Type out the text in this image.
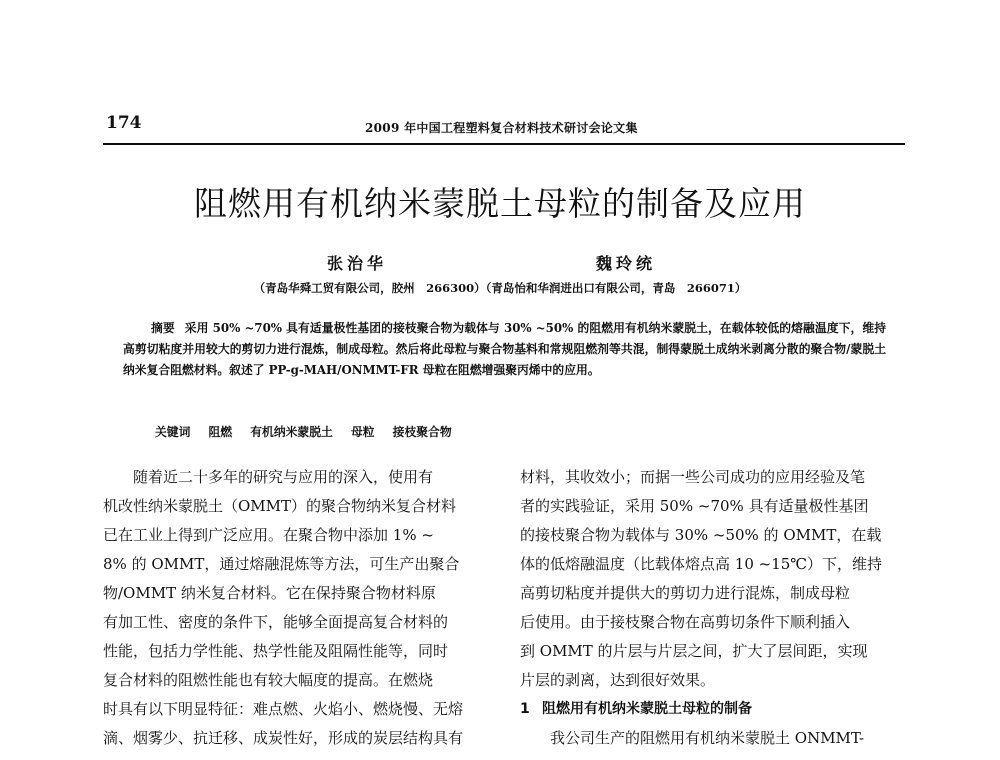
174	2009 年中国工程塑料复合材料技术研讨会论文集
阻燃用有机纳米蒙脱土母粒的制备及应用
张治华	魏玲统
（青岛华舜工贸有限公司，胶州　266300）（青岛怡和华润进出口有限公司，青岛　266071）
摘要 采用 50% ~70% 具有适量极性基团的接枝聚合物为载体与 30% ~50% 的阻燃用有机纳米蒙脱土，在载体较低的熔融温度下，维持高剪切粘度并用较大的剪切力进行混炼，制成母粒。然后将此母粒与聚合物基料和常规阻燃剂等共混，制得蒙脱土成纳米剥离分散的聚合物/蒙脱土纳米复合阻燃材料。叙述了 PP-g-MAH/ONMMT-FR 母粒在阻燃增强聚丙烯中的应用。
关键词 阻燃 有机纳米蒙脱土 母粒 接枝聚合物
随着近二十多年的研究与应用的深入，使用有
机改性纳米蒙脱土（OMMT）的聚合物纳米复合材料
已在工业上得到广泛应用。在聚合物中添加 1% ~
8% 的 OMMT，通过熔融混炼等方法，可生产出聚合
物/OMMT 纳米复合材料。它在保持聚合物材料原
有加工性、密度的条件下，能够全面提高复合材料的
性能，包括力学性能、热学性能及阻隔性能等，同时
复合材料的阻燃性能也有较大幅度的提高。在燃烧
时具有以下明显特征：难点燃、火焰小、燃烧慢、无熔
滴、烟雾少、抗迁移、成炭性好，形成的炭层结构具有
材料，其收效小；而据一些公司成功的应用经验及笔
者的实践验证，采用 50% ~70% 具有适量极性基团
的接枝聚合物为载体与 30% ~50% 的 OMMT，在载
体的低熔融温度（比载体熔点高 10 ~15℃）下，维持
高剪切粘度并提供大的剪切力进行混炼，制成母粒
后使用。由于接枝聚合物在高剪切条件下顺利插入
到 OMMT 的片层与片层之间，扩大了层间距，实现
片层的剥离，达到很好效果。
1 阻燃用有机纳米蒙脱土母粒的制备
我公司生产的阻燃用有机纳米蒙脱土 ONMMT-
